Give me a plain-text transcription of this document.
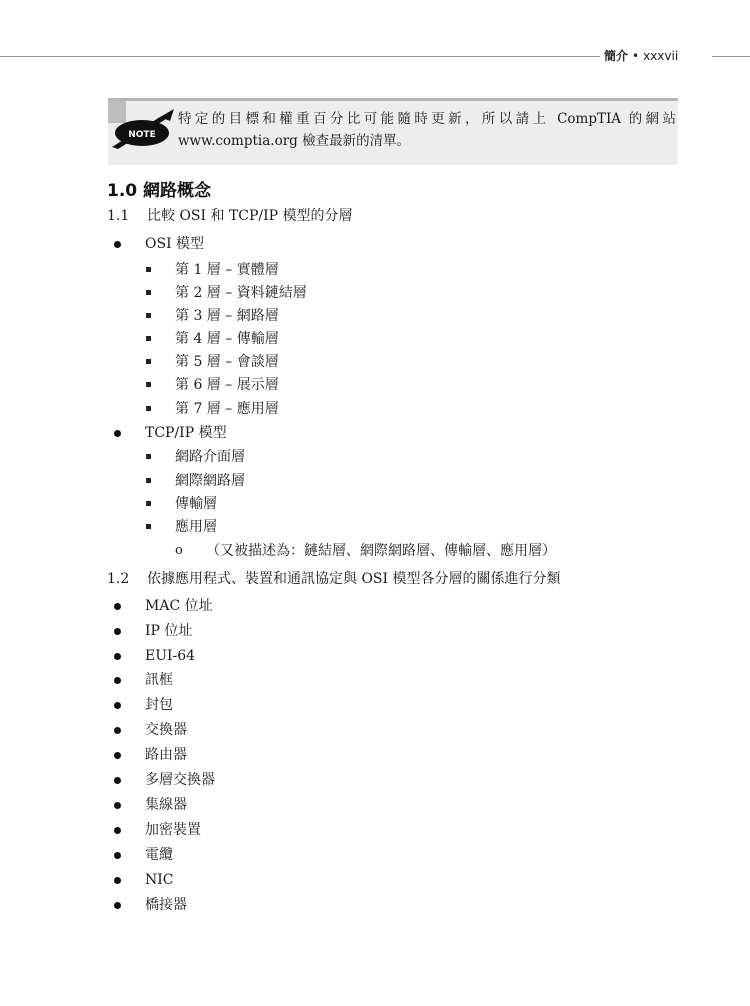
簡介 • xxxvii
NOTE
特定的目標和權重百分比可能隨時更新，所以請上 CompTIA 的網站 www.comptia.org 檢查最新的清單。
1.0 網路概念
1.1 比較 OSI 和 TCP/IP 模型的分層
OSI 模型
第 1 層 – 實體層
第 2 層 – 資料鏈結層
第 3 層 – 網路層
第 4 層 – 傳輸層
第 5 層 – 會談層
第 6 層 – 展示層
第 7 層 – 應用層
TCP/IP 模型
網路介面層
網際網路層
傳輸層
應用層
o （又被描述為：鏈結層、網際網路層、傳輸層、應用層）
1.2 依據應用程式、裝置和通訊協定與 OSI 模型各分層的關係進行分類
MAC 位址
IP 位址
EUI-64
訊框
封包
交換器
路由器
多層交換器
集線器
加密裝置
電纜
NIC
橋接器
